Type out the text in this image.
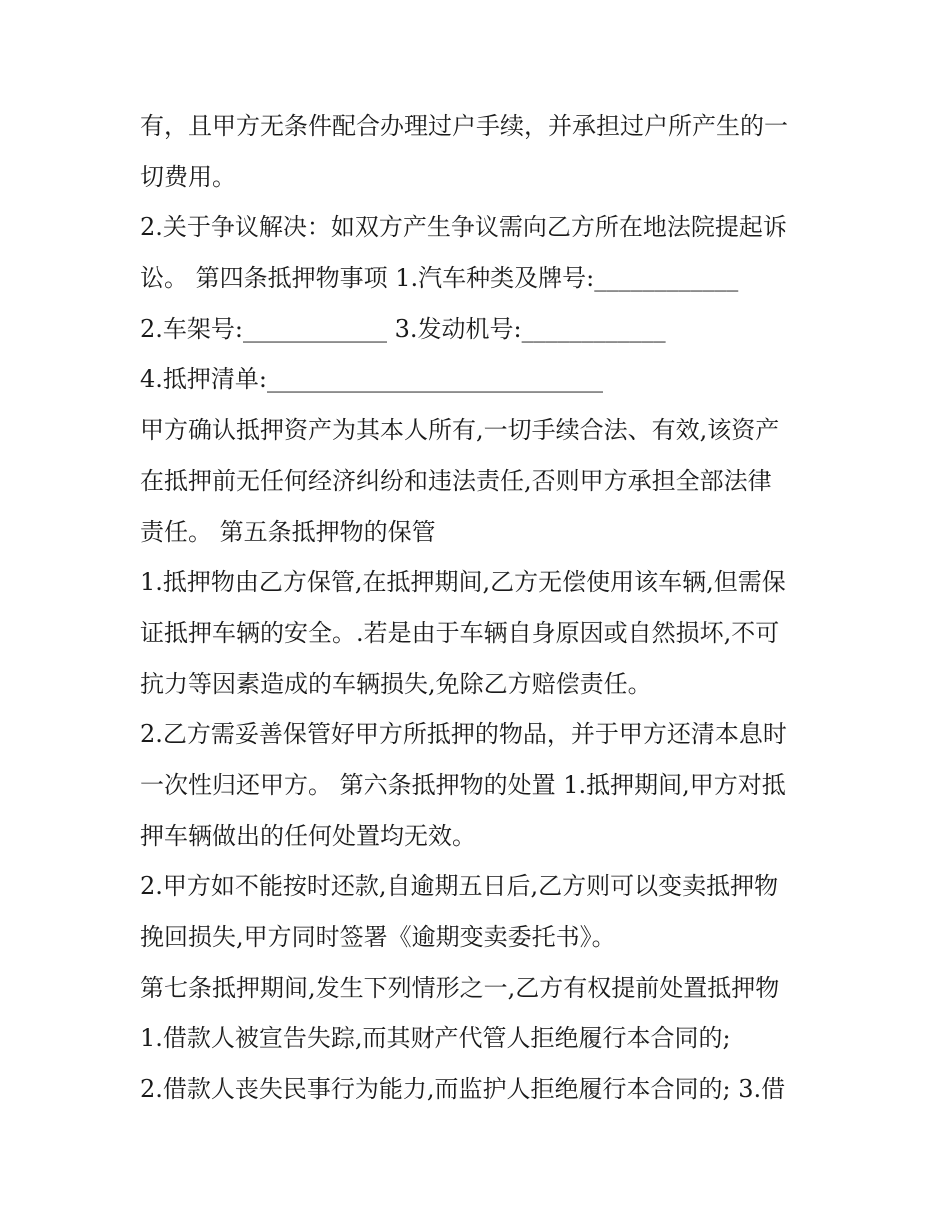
有，且甲方无条件配合办理过户手续，并承担过户所产生的一
切费用。
2.关于争议解决：如双方产生争议需向乙方所在地法院提起诉
讼。 第四条抵押物事项 1.汽车种类及牌号:____________
2.车架号:____________ 3.发动机号:____________
4.抵押清单:____________________________
甲方确认抵押资产为其本人所有,一切手续合法、有效,该资产
在抵押前无任何经济纠纷和违法责任,否则甲方承担全部法律
责任。 第五条抵押物的保管
1.抵押物由乙方保管,在抵押期间,乙方无偿使用该车辆,但需保
证抵押车辆的安全。.若是由于车辆自身原因或自然损坏,不可
抗力等因素造成的车辆损失,免除乙方赔偿责任。
2.乙方需妥善保管好甲方所抵押的物品，并于甲方还清本息时
一次性归还甲方。 第六条抵押物的处置 1.抵押期间,甲方对抵
押车辆做出的任何处置均无效。
2.甲方如不能按时还款,自逾期五日后,乙方则可以变卖抵押物
挽回损失,甲方同时签署《逾期变卖委托书》。
第七条抵押期间,发生下列情形之一,乙方有权提前处置抵押物
1.借款人被宣告失踪,而其财产代管人拒绝履行本合同的;
2.借款人丧失民事行为能力,而监护人拒绝履行本合同的; 3.借
